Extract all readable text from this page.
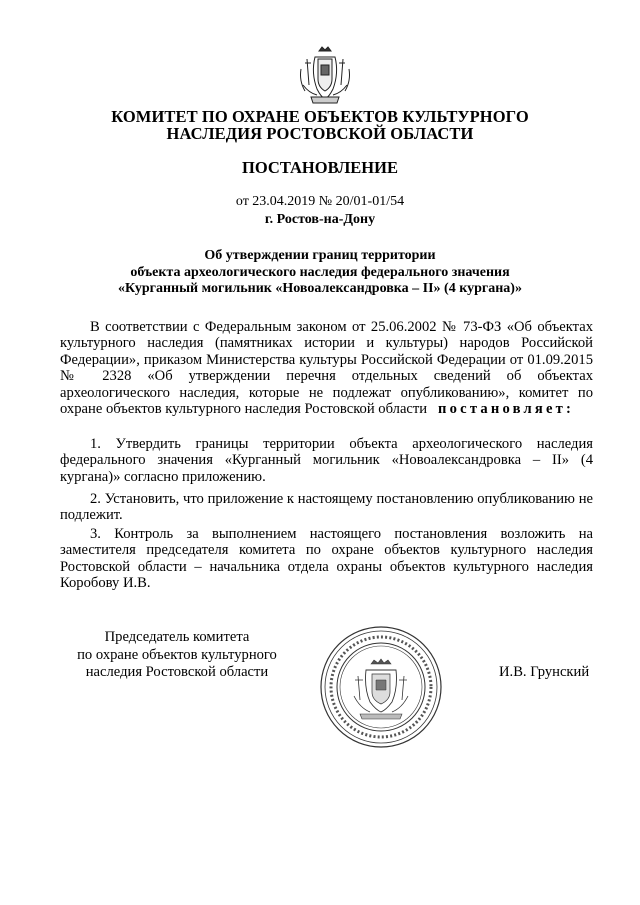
КОМИТЕТ ПО ОХРАНЕ ОБЪЕКТОВ КУЛЬТУРНОГО
НАСЛЕДИЯ РОСТОВСКОЙ ОБЛАСТИ
ПОСТАНОВЛЕНИЕ
от 23.04.2019 № 20/01-01/54
г. Ростов-на-Дону
Об утверждении границ территории
объекта археологического наследия федерального значения
«Курганный могильник «Новоалександровка – II» (4 кургана)»

В соответствии с Федеральным законом от 25.06.2002 № 73-ФЗ «Об объектах культурного наследия (памятниках истории и культуры) народов Российской Федерации», приказом Министерства культуры Российской Федерации от 01.09.2015 № 2328 «Об утверждении перечня отдельных сведений об объектах археологического наследия, которые не подлежат опубликованию», комитет по охране объектов культурного наследия Ростовской области постановляет:

1. Утвердить границы территории объекта археологического наследия федерального значения «Курганный могильник «Новоалександровка – II» (4 кургана)» согласно приложению.

2. Установить, что приложение к настоящему постановлению опубликованию не подлежит.

3. Контроль за выполнением настоящего постановления возложить на заместителя председателя комитета по охране объектов культурного наследия Ростовской области – начальника отдела охраны объектов культурного наследия Коробову И.В.

Председатель комитета
по охране объектов культурного
наследия Ростовской области	И.В. Грунский
